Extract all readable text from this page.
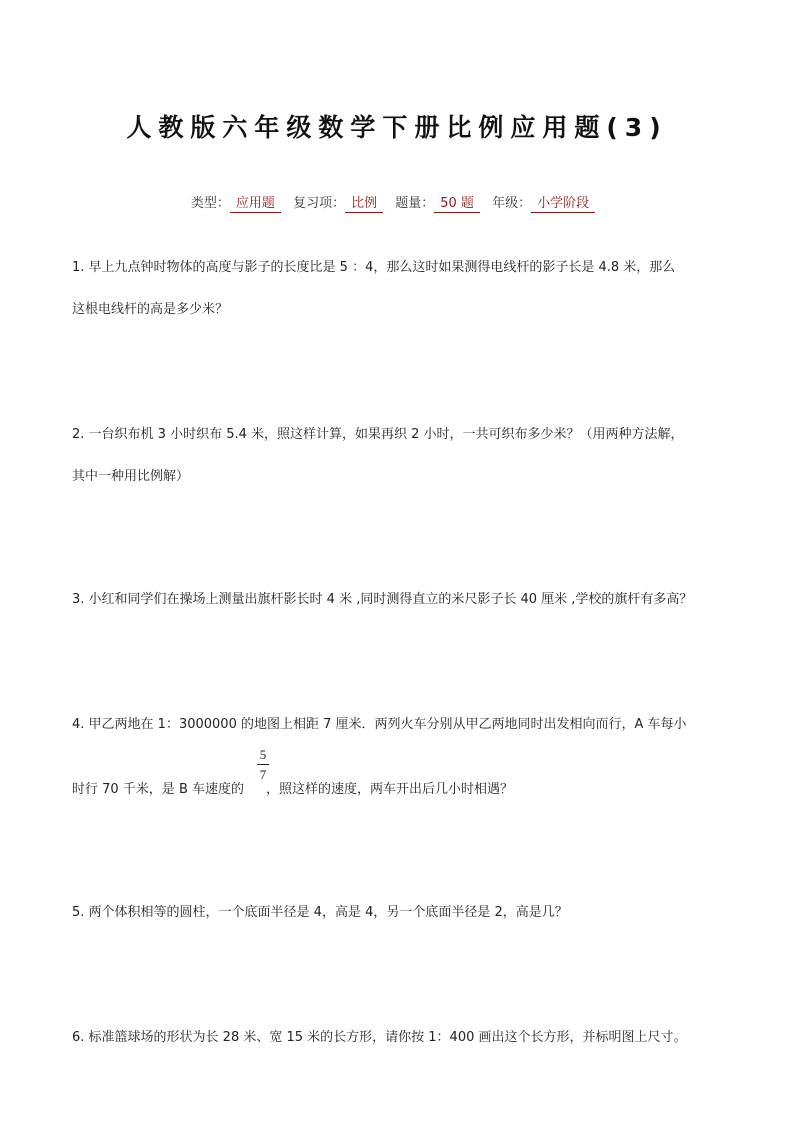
人教版六年级数学下册比例应用题(3)
类型： 应用题 复习项： 比例 题量： 50 题 年级： 小学阶段
1. 早上九点钟时物体的高度与影子的长度比是 5 ：4，那么这时如果测得电线杆的影子长是 4.8 米，那么
这根电线杆的高是多少米？
2. 一台织布机 3 小时织布 5.4 米，照这样计算，如果再织 2 小时，一共可织布多少米？（用两种方法解，
其中一种用比例解）
3. 小红和同学们在操场上测量出旗杆影长时 4 米 ,同时测得直立的米尺影子长 40 厘米 ,学校的旗杆有多高？
4. 甲乙两地在 1：3000000 的地图上相距 7 厘米．两列火车分别从甲乙两地同时出发相向而行，A 车每小
时行 70 千米，是 B 车速度的 ，照这样的速度，两车开出后几小时相遇？
5
7
5. 两个体积相等的圆柱，一个底面半径是 4，高是 4，另一个底面半径是 2，高是几？
6. 标准篮球场的形状为长 28 米、宽 15 米的长方形，请你按 1：400 画出这个长方形，并标明图上尺寸。
